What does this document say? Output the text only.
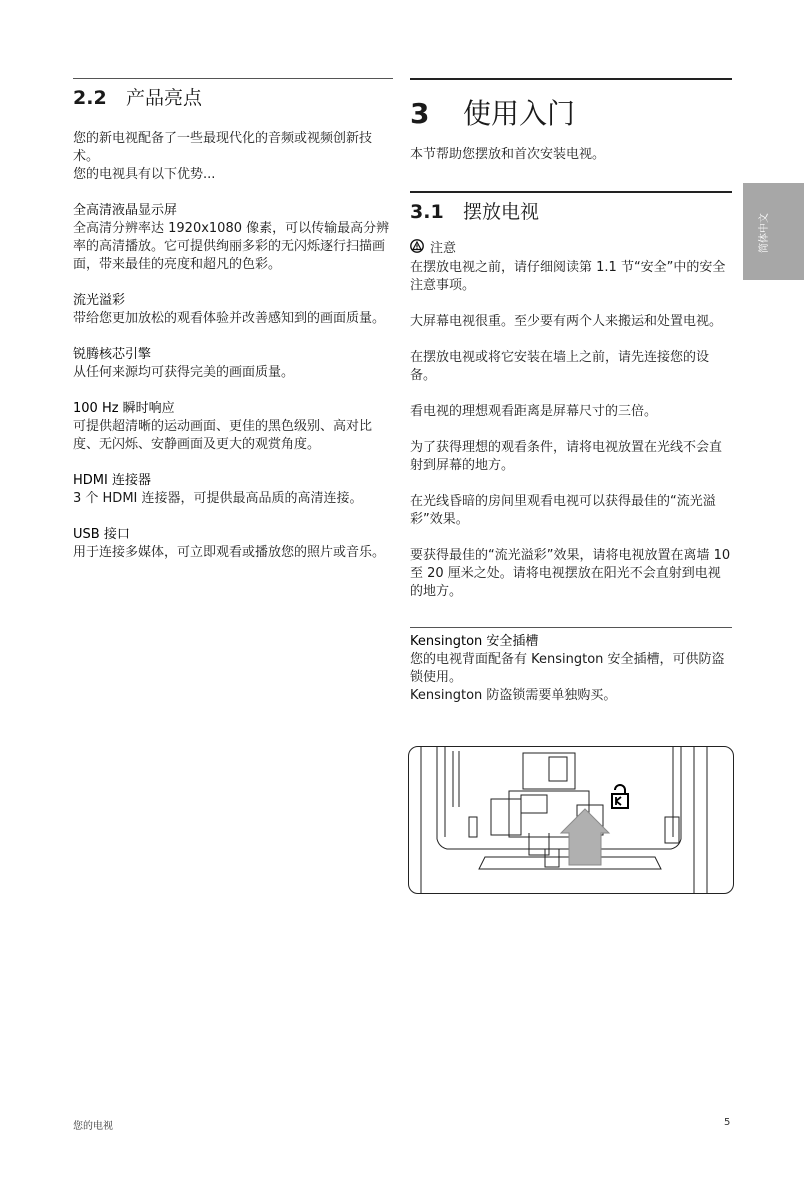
2.2	产品亮点

您的新电视配备了一些最现代化的音频或视频创新技术。

您的电视具有以下优势...

全高清液晶显示屏

全高清分辨率达 1920x1080 像素，可以传输最高分辨率的高清播放。它可提供绚丽多彩的无闪烁逐行扫描画面，带来最佳的亮度和超凡的色彩。

流光溢彩

带给您更加放松的观看体验并改善感知到的画面质量。

锐腾核芯引擎

从任何来源均可获得完美的画面质量。

100 Hz 瞬时响应

可提供超清晰的运动画面、更佳的黑色级别、高对比度、无闪烁、安静画面及更大的观赏角度。

HDMI 连接器

3 个 HDMI 连接器，可提供最高品质的高清连接。

USB 接口

用于连接多媒体，可立即观看或播放您的照片或音乐。

3	使用入门

本节帮助您摆放和首次安装电视。

3.1	摆放电视
注意

在摆放电视之前，请仔细阅读第 1.1 节“安全”中的安全注意事项。

大屏幕电视很重。至少要有两个人来搬运和处置电视。

在摆放电视或将它安装在墙上之前，请先连接您的设备。

看电视的理想观看距离是屏幕尺寸的三倍。

为了获得理想的观看条件，请将电视放置在光线不会直射到屏幕的地方。

在光线昏暗的房间里观看电视可以获得最佳的“流光溢彩”效果。

要获得最佳的“流光溢彩”效果，请将电视放置在离墙 10 至 20 厘米之处。请将电视摆放在阳光不会直射到电视的地方。

Kensington 安全插槽

您的电视背面配备有 Kensington 安全插槽，可供防盗锁使用。

Kensington 防盗锁需要单独购买。

简体中文
您的电视	5
